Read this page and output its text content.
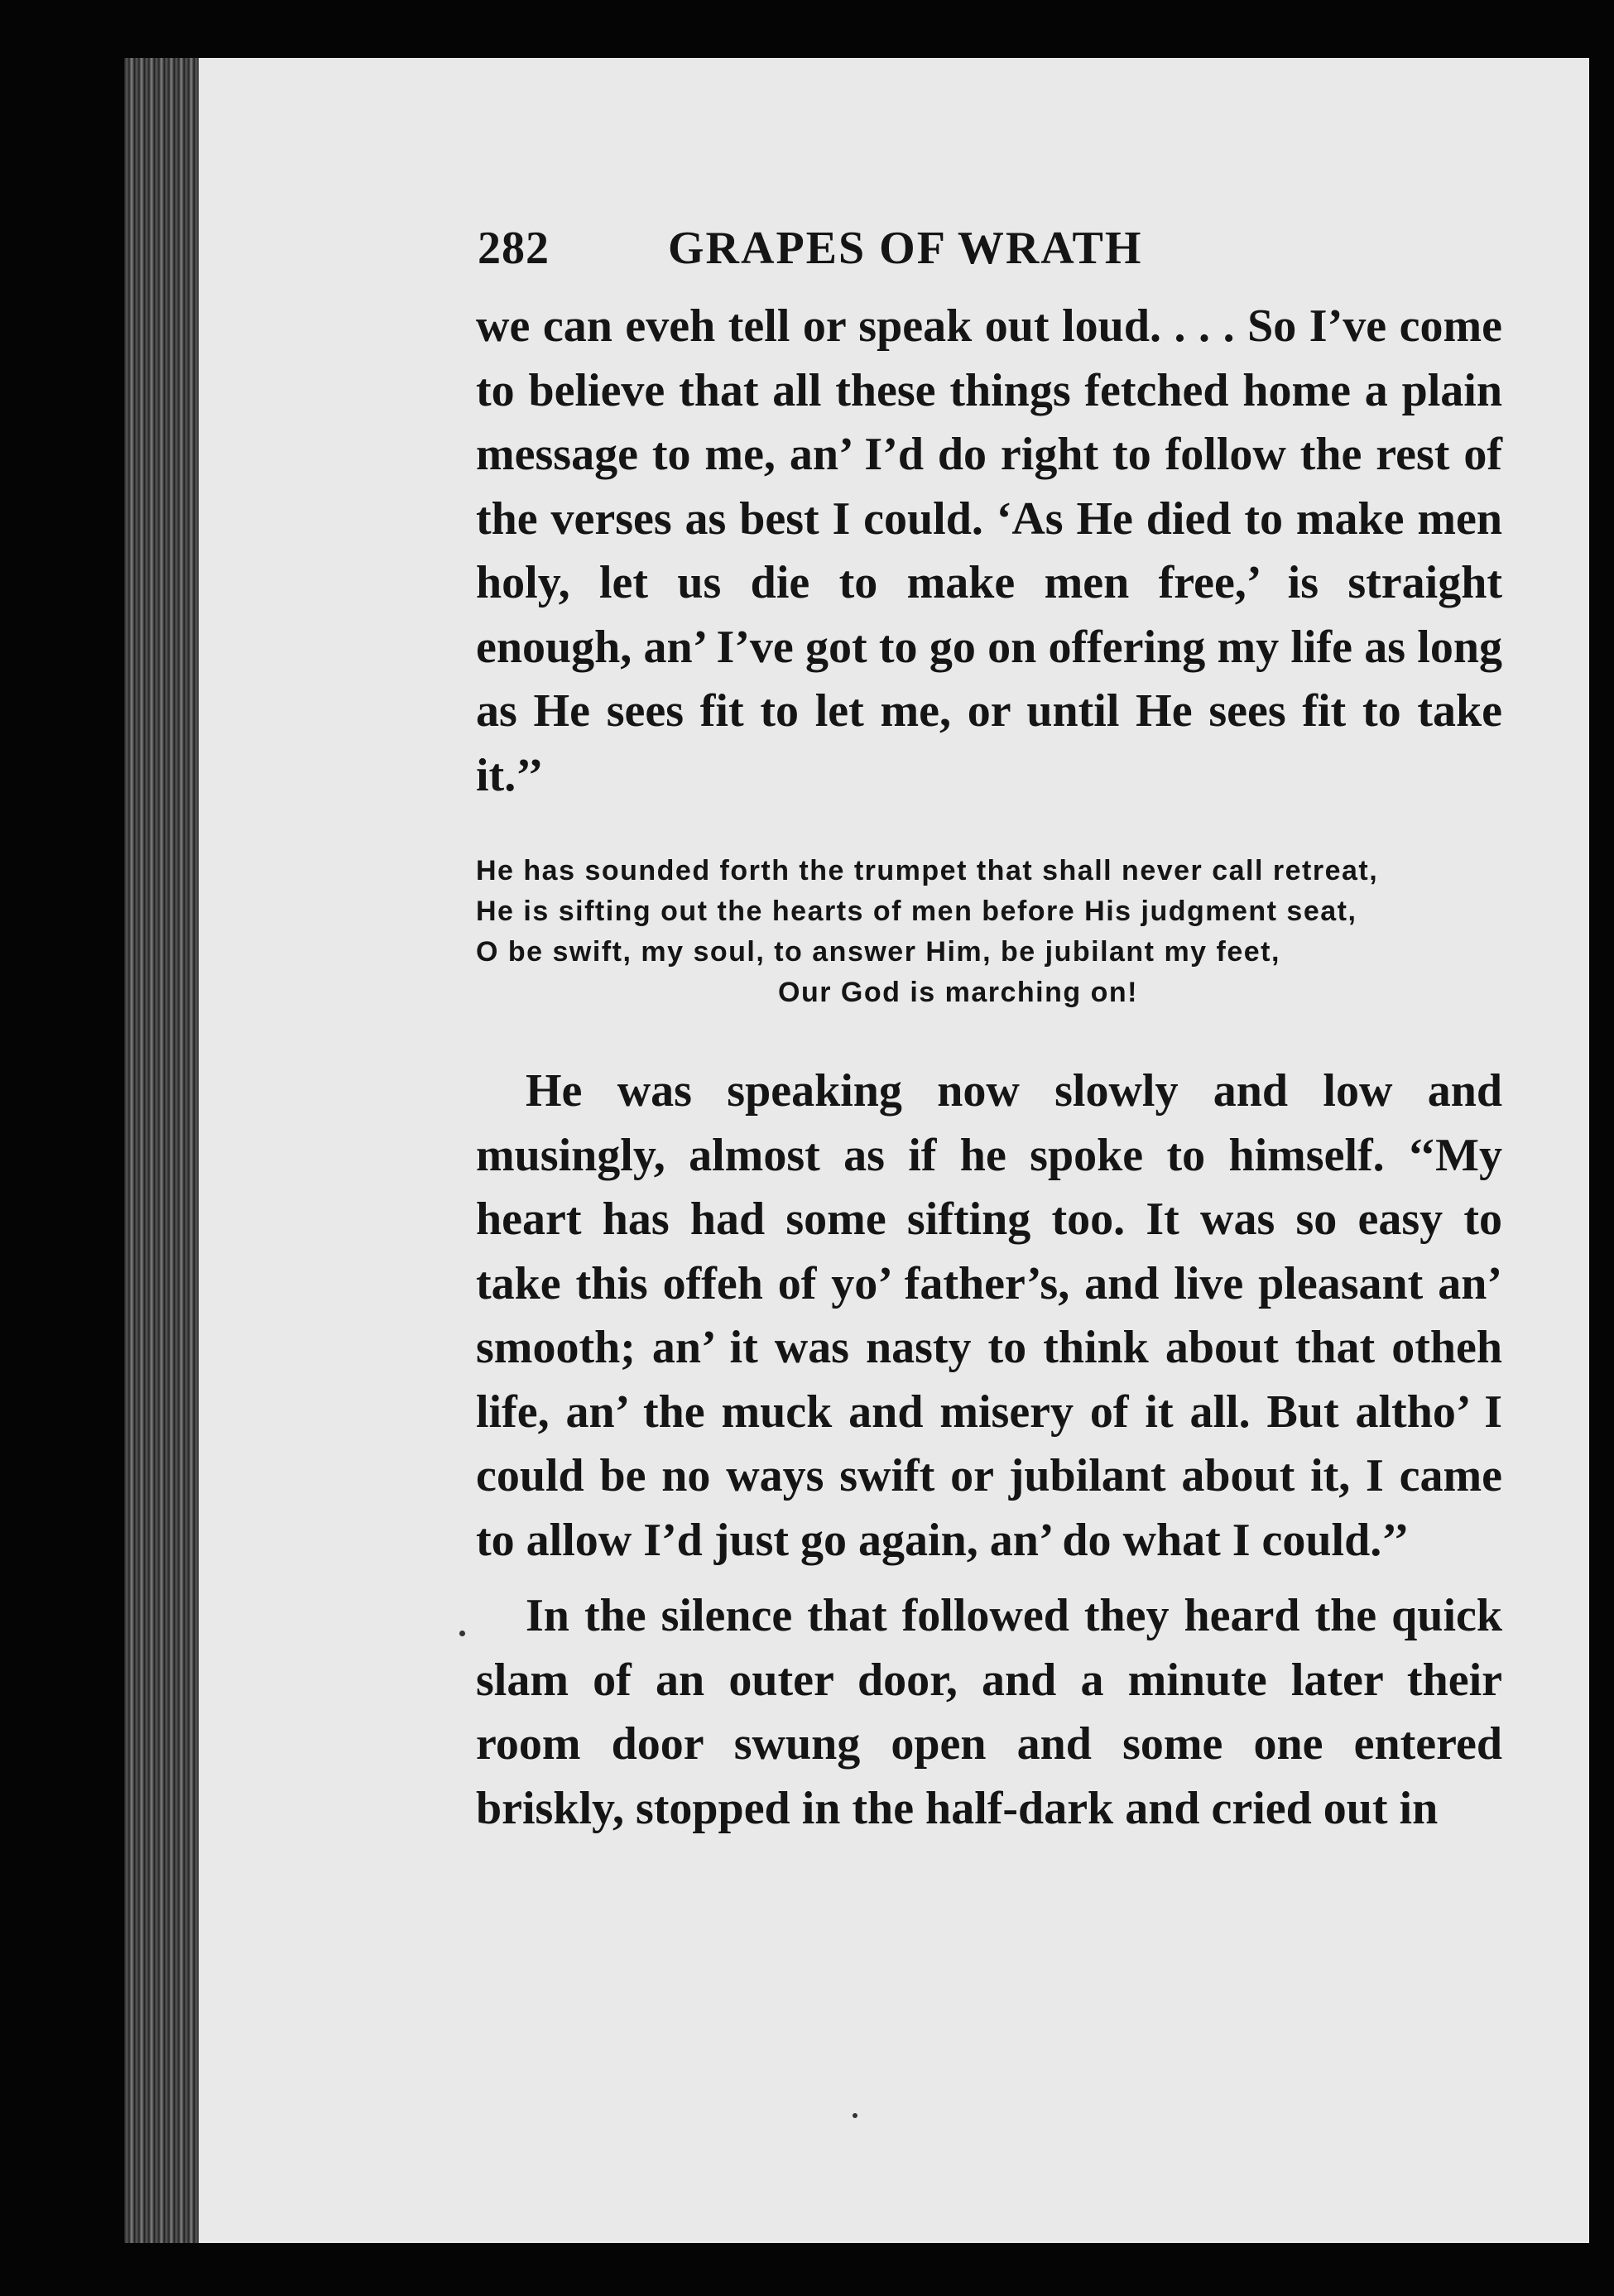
282	GRAPES OF WRATH

we can eveh tell or speak out loud. . . . So I’ve come to believe that all these things fetched home a plain message to me, an’ I’d do right to follow the rest of the verses as best I could. ‘As He died to make men holy, let us die to make men free,’ is straight enough, an’ I’ve got to go on offering my life as long as He sees fit to let me, or until He sees fit to take it.’’

He has sounded forth the trumpet that shall never call retreat,
He is sifting out the hearts of men before His judgment seat,
O be swift, my soul, to answer Him, be jubilant my feet,
Our God is marching on!

He was speaking now slowly and low and musingly, almost as if he spoke to himself. ‘‘My heart has had some sifting too. It was so easy to take this offeh of yo’ father’s, and live pleasant an’ smooth; an’ it was nasty to think about that otheh life, an’ the muck and misery of it all. But altho’ I could be no ways swift or jubilant about it, I came to allow I’d just go again, an’ do what I could.’’

In the silence that followed they heard the quick slam of an outer door, and a minute later their room door swung open and some one entered briskly, stopped in the half-dark and cried out in
